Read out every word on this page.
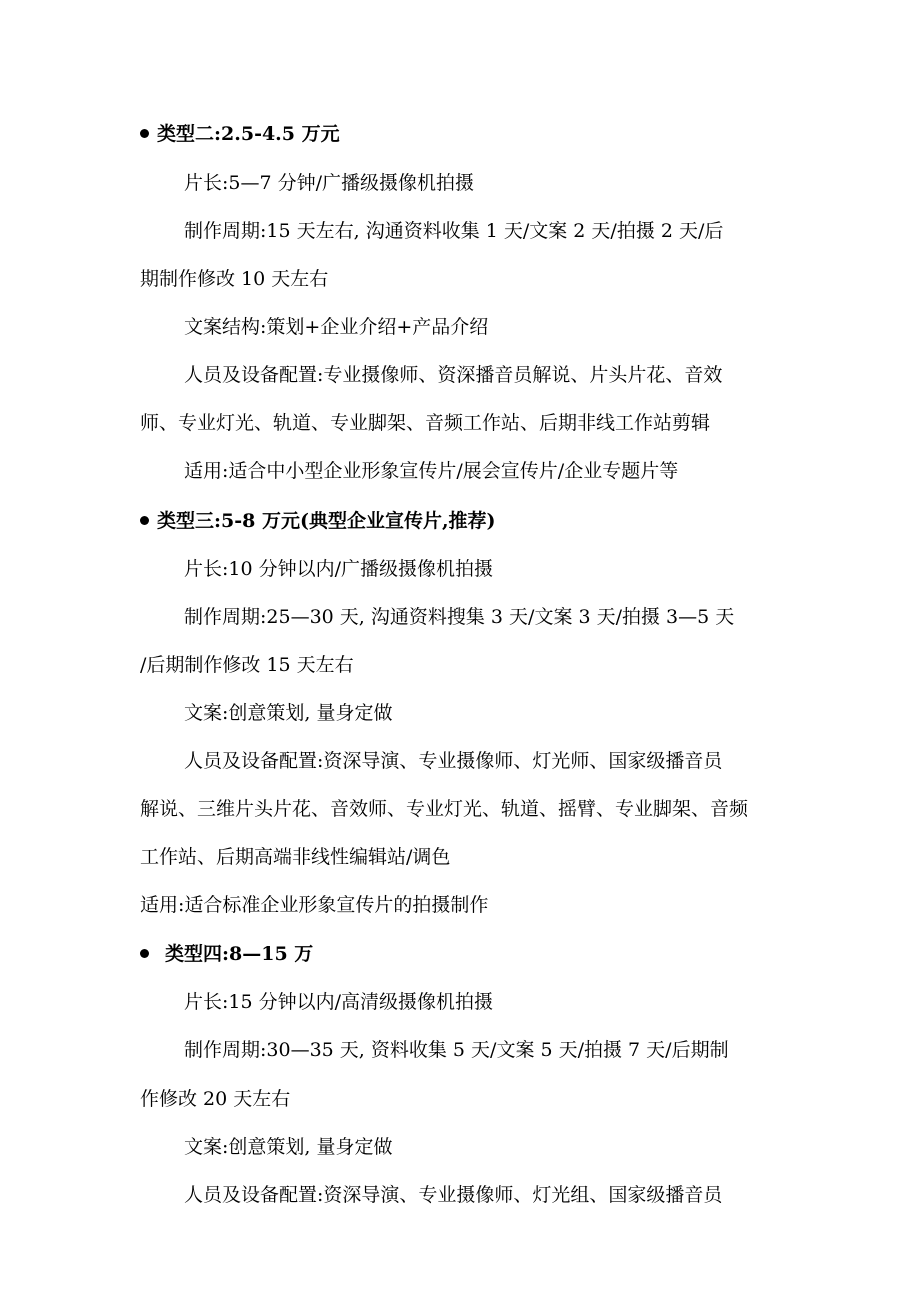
类型二:2.5-4.5 万元
片长:5—7 分钟/广播级摄像机拍摄
制作周期:15 天左右, 沟通资料收集 1 天/文案 2 天/拍摄 2 天/后
期制作修改 10 天左右
文案结构:策划+企业介绍+产品介绍
人员及设备配置:专业摄像师、资深播音员解说、片头片花、音效
师、专业灯光、轨道、专业脚架、音频工作站、后期非线工作站剪辑
适用:适合中小型企业形象宣传片/展会宣传片/企业专题片等
类型三:5-8 万元(典型企业宣传片,推荐)
片长:10 分钟以内/广播级摄像机拍摄
制作周期:25—30 天, 沟通资料搜集 3 天/文案 3 天/拍摄 3—5 天
/后期制作修改 15 天左右
文案:创意策划, 量身定做
人员及设备配置:资深导演、专业摄像师、灯光师、国家级播音员
解说、三维片头片花、音效师、专业灯光、轨道、摇臂、专业脚架、音频
工作站、后期高端非线性编辑站/调色
适用:适合标准企业形象宣传片的拍摄制作
类型四:8—15 万
片长:15 分钟以内/高清级摄像机拍摄
制作周期:30—35 天, 资料收集 5 天/文案 5 天/拍摄 7 天/后期制
作修改 20 天左右
文案:创意策划, 量身定做
人员及设备配置:资深导演、专业摄像师、灯光组、国家级播音员
